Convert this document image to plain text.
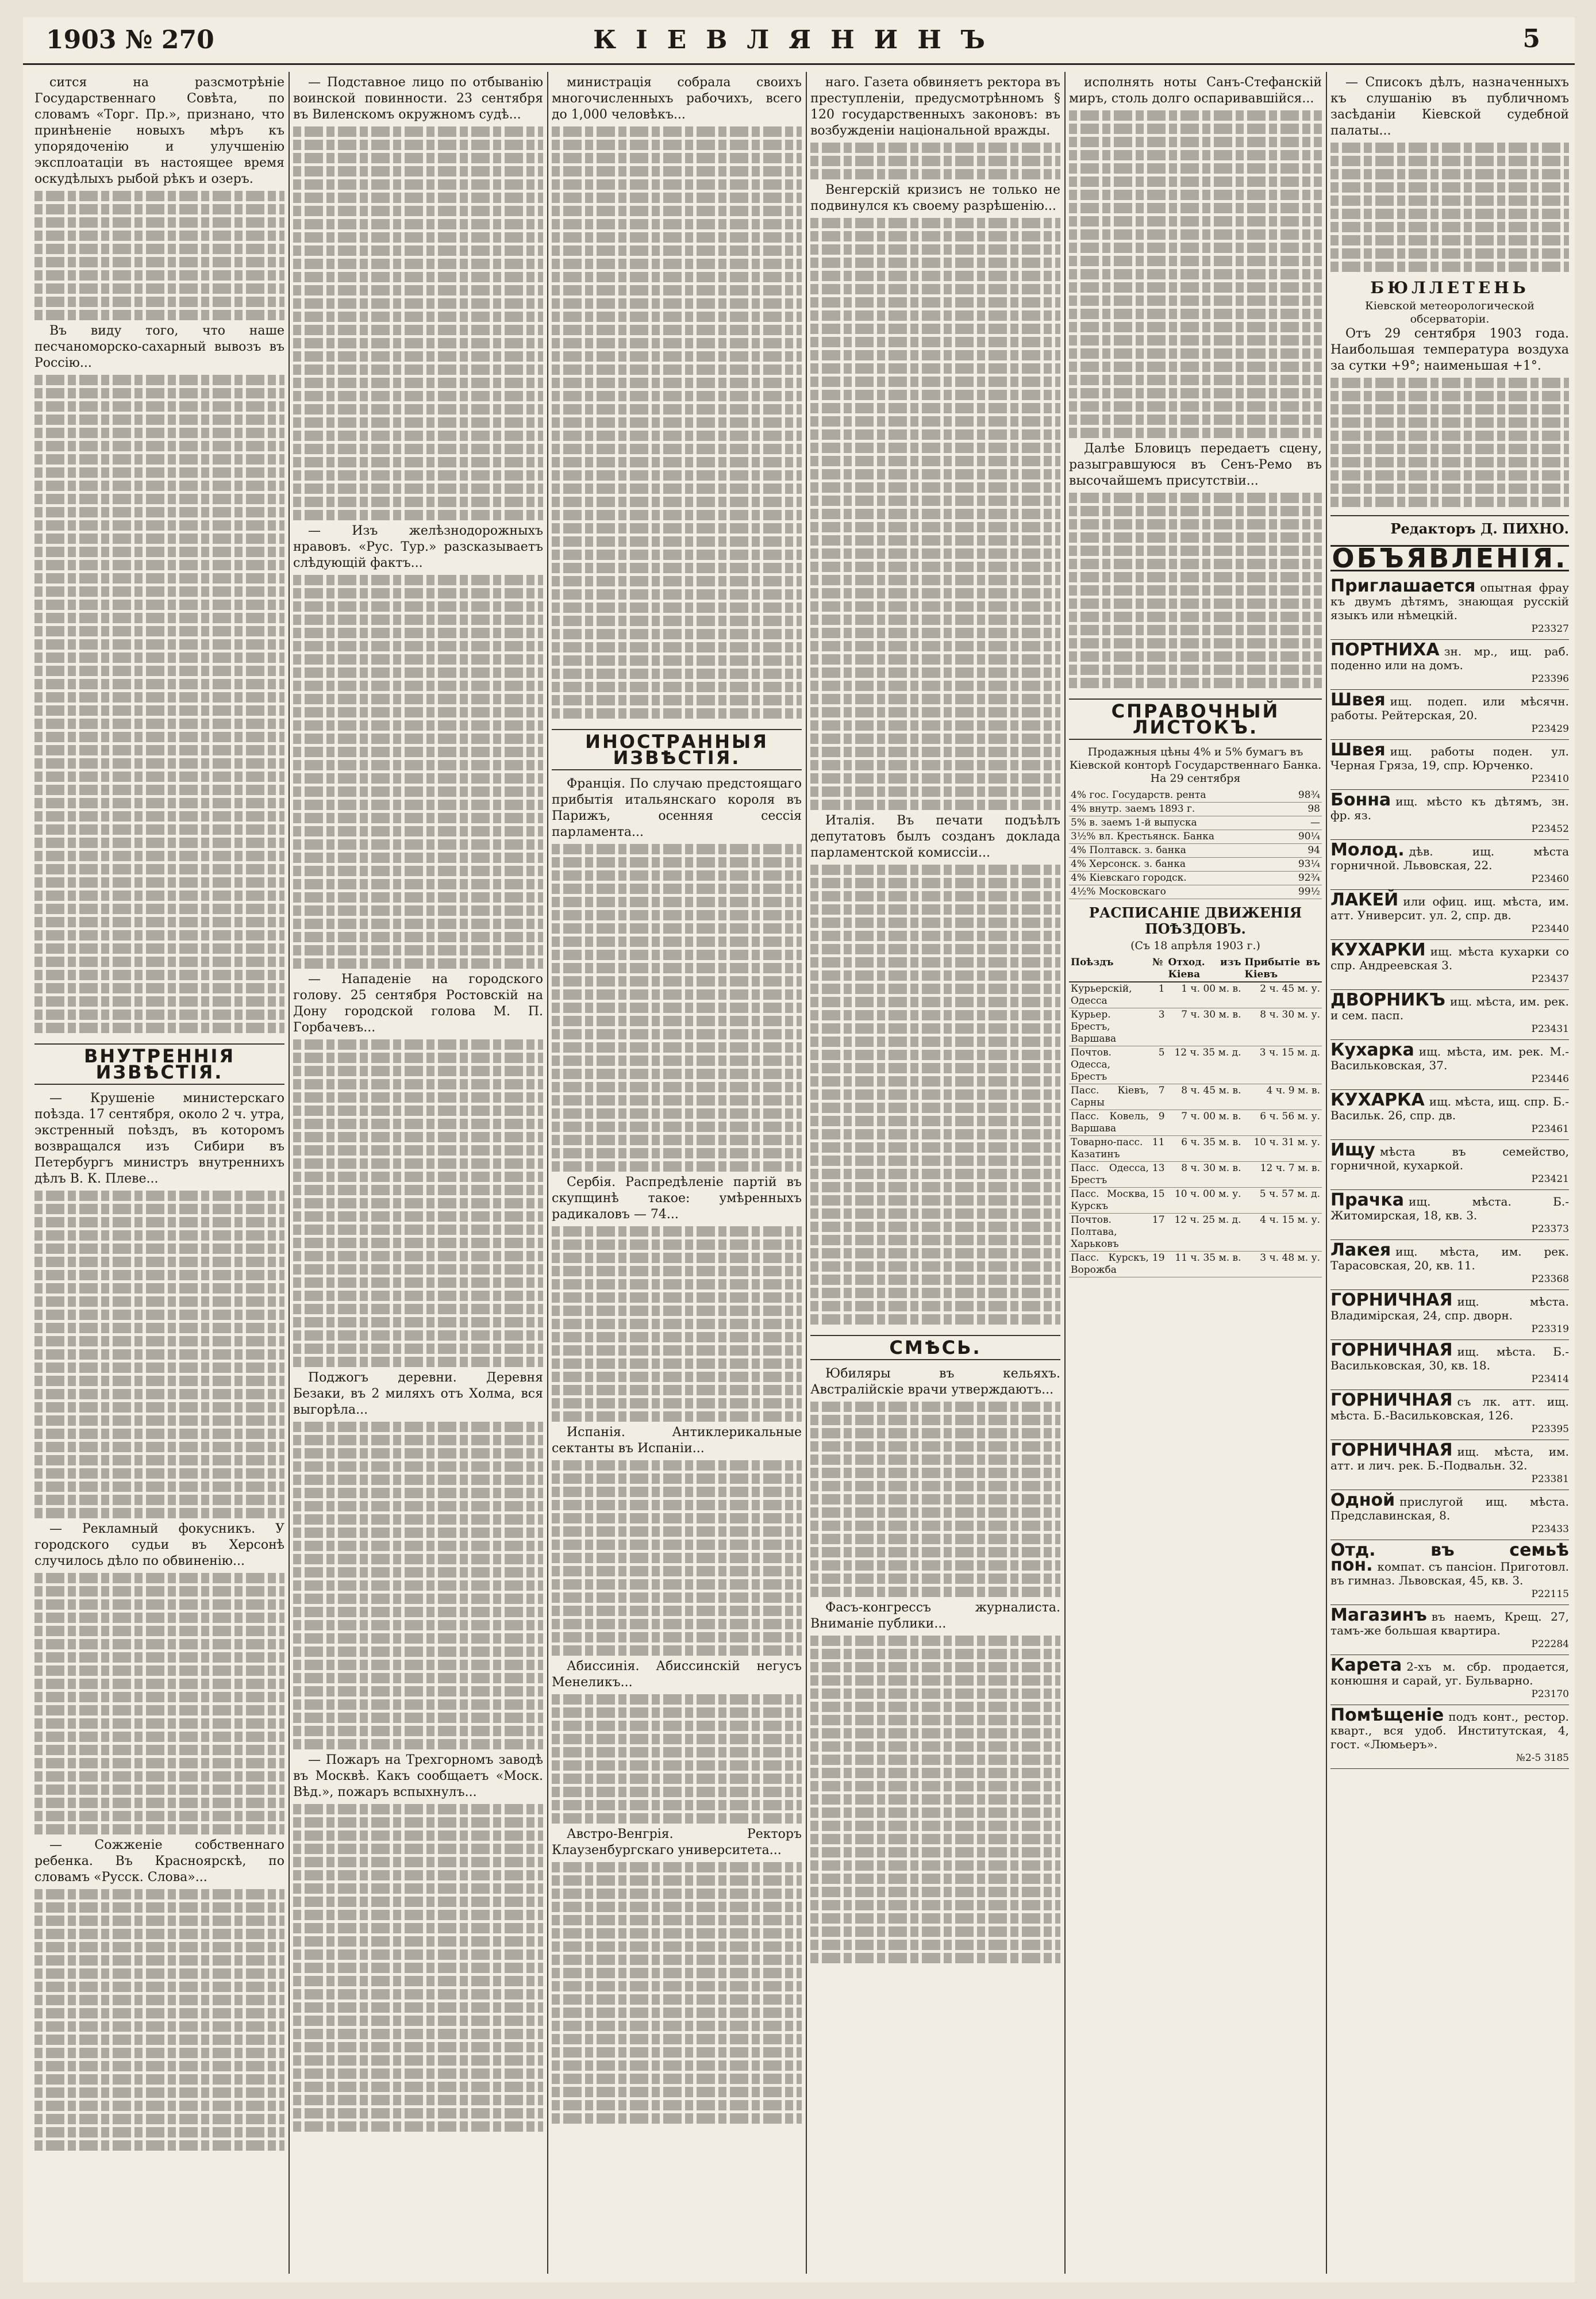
1903 № 270	КІЕВЛЯНИНЪ	5

сится на разсмотрѣніе Государственнаго Совѣта, по словамъ «Торг. Пр.», признано, что принѣненіе новыхъ мѣръ къ упорядоченію и улучшенію эксплоатаціи въ настоящее время оскудѣлыхъ рыбой рѣкъ и озеръ.

Въ виду того, что наше песчаноморско-сахарный вывозъ въ Россію...

ВНУТРЕННІЯ ИЗВѢСТІЯ.

— Крушеніе министерскаго поѣзда. 17 сентября, около 2 ч. утра, экстренный поѣздъ, въ которомъ возвращался изъ Сибири въ Петербургъ министръ внутреннихъ дѣлъ В. К. Плеве...

— Рекламный фокусникъ. У городского судьи въ Херсонѣ случилось дѣло по обвиненію...

— Сожженіе собственнаго ребенка. Въ Красноярскѣ, по словамъ «Русск. Слова»...

— Подставное лицо по отбыванію воинской повинности. 23 сентября въ Виленскомъ окружномъ судѣ...

— Изъ желѣзнодорожныхъ нравовъ. «Рус. Тур.» разсказываетъ слѣдующій фактъ...

— Нападеніе на городского голову. 25 сентября Ростовскій на Дону городской голова М. П. Горбачевъ...

Поджогъ деревни. Деревня Безаки, въ 2 миляхъ отъ Холма, вся выгорѣла...

— Пожаръ на Трехгорномъ заводѣ въ Москвѣ. Какъ сообщаетъ «Моск. Вѣд.», пожаръ вспыхнулъ...

министрація собрала своихъ многочисленныхъ рабочихъ, всего до 1,000 человѣкъ...

ИНОСТРАННЫЯ ИЗВѢСТІЯ.

Франція. По случаю предстоящаго прибытія итальянскаго короля въ Парижъ, осенняя сессія парламента...

Сербія. Распредѣленіе партій въ скупщинѣ такое: умѣренныхъ радикаловъ — 74...

Испанія. Антиклерикальные сектанты въ Испаніи...

Абиссинія. Абиссинскій негусъ Менеликъ...

Австро-Венгрія. Ректоръ Клаузенбургскаго университета...

наго. Газета обвиняетъ ректора въ преступленіи, предусмотрѣнномъ § 120 государственныхъ законовъ: въ возбужденіи національной вражды.

Венгерскій кризисъ не только не подвинулся къ своему разрѣшенію...

Италія. Въ печати подъѣлъ депутатовъ былъ созданъ доклада парламентской комиссіи...

СМѢСЬ.

Юбиляры въ кельяхъ. Австралійскіе врачи утверждаютъ...

Фасъ-конгрессъ журналиста. Вниманіе публики...

исполнять ноты Санъ-Стефанскій миръ, столь долго оспаривавшійся...

Далѣе Бловицъ передаетъ сцену, разыгравшуюся въ Сенъ-Ремо въ высочайшемъ присутствіи...

СПРАВОЧНЫЙ ЛИСТОКЪ.
Продажныя цѣны 4% и 5% бумагъ въ Кіевской конторѣ Государственнаго Банка.
На 29 сентября
4% гос. Государств. рента	98¾
4% внутр. заемъ 1893 г.	98
5% в. заемъ 1-й выпуска	—
3½% вл. Крестьянск. Банка	90¼
4% Полтавск. з. банка	94
4% Херсонск. з. банка	93¼
4% Кіевскаго городск.	92¾
4½% Московскаго	99½
РАСПИСАНІЕ ДВИЖЕНІЯ ПОѢЗДОВЪ.
(Съ 18 апрѣля 1903 г.)
Поѣздъ	№	Отход. изъ Кіева	Прибытіе въ Кіевъ
Курьерскій, Одесса	1	1 ч. 00 м. в.	2 ч. 45 м. у.
Курьер. Бреcтъ, Варшава	3	7 ч. 30 м. в.	8 ч. 30 м. у.
Почтов. Одесса, Бреcтъ	5	12 ч. 35 м. д.	3 ч. 15 м. д.
Пасс. Кіевъ, Сарны	7	8 ч. 45 м. в.	4 ч. 9 м. в.
Пасс. Ковель, Варшава	9	7 ч. 00 м. в.	6 ч. 56 м. у.
Товарно-пасс. Казатинъ	11	6 ч. 35 м. в.	10 ч. 31 м. у.
Пасс. Одесса, Бреcтъ	13	8 ч. 30 м. в.	12 ч. 7 м. в.
Пасс. Москва, Курскъ	15	10 ч. 00 м. у.	5 ч. 57 м. д.
Почтов. Полтава, Харьковъ	17	12 ч. 25 м. д.	4 ч. 15 м. у.
Пасс. Курскъ, Ворожба	19	11 ч. 35 м. в.	3 ч. 48 м. у.

— Списокъ дѣлъ, назначенныхъ къ слушанію въ публичномъ засѣданіи Кіевской судебной палаты...

БЮЛЛЕТЕНЬ
Кіевской метеорологической обсерваторіи.

Отъ 29 сентября 1903 года. Наибольшая температура воздуха за сутки +9°; наименьшая +1°.

Редакторъ Д. ПИХНО.
ОБЪЯВЛЕНІЯ.
Приглашается опытная фрау къ двумъ дѣтямъ, знающая русскій языкъ или нѣмецкій.
Р23327
ПОРТНИХА зн. мр., ищ. раб. поденно или на домъ.
Р23396
Швея ищ. подеп. или мѣсячн. работы. Рейтерская, 20.
Р23429
Швея ищ. работы поден. ул. Черная Гряза, 19, спр. Юрченко.
Р23410
Бонна ищ. мѣсто къ дѣтямъ, зн. фр. яз.
Р23452
Молод. дѣв. ищ. мѣста горничной. Львовская, 22.
Р23460
ЛАКЕЙ или офиц. ищ. мѣста, им. атт. Университ. ул. 2, спр. дв.
Р23440
КУХАРКИ ищ. мѣста кухарки со спр. Андреевская 3.
Р23437
ДВОРНИКЪ ищ. мѣста, им. рек. и сем. пасп.
Р23431
Кухарка ищ. мѣста, им. рек. М.-Васильковская, 37.
Р23446
КУХАРКА ищ. мѣста, ищ. спр. Б.-Васильк. 26, спр. дв.
Р23461
Ищу мѣста въ семейство, горничной, кухаркой.
Р23421
Прачка ищ. мѣста. Б.-Житомирская, 18, кв. 3.
Р23373
Лакея ищ. мѣста, им. рек. Тарасовская, 20, кв. 11.
Р23368
ГОРНИЧНАЯ ищ. мѣста. Владимірская, 24, спр. дворн.
Р23319
ГОРНИЧНАЯ ищ. мѣста. Б.-Васильковская, 30, кв. 18.
Р23414
ГОРНИЧНАЯ съ лк. атт. ищ. мѣста. Б.-Васильковская, 126.
Р23395
ГОРНИЧНАЯ ищ. мѣста, им. атт. и лич. рек. Б.-Подвальн. 32.
Р23381
Одной прислугой ищ. мѣста. Предславинская, 8.
Р23433
Отд. въ семьѣ пон. компат. съ пансіон. Приготовл. въ гимназ. Львовская, 45, кв. 3.
Р22115
Магазинъ въ наемъ, Крещ. 27, тамъ-же большая квартира.
Р22284
Карета 2-хъ м. сбр. продается, конюшня и сарай, уг. Бульварно.
Р23170
Помѣщеніе подъ конт., рестор. кварт., вся удоб. Институтская, 4, гост. «Люмьеръ».
№2-5 3185
